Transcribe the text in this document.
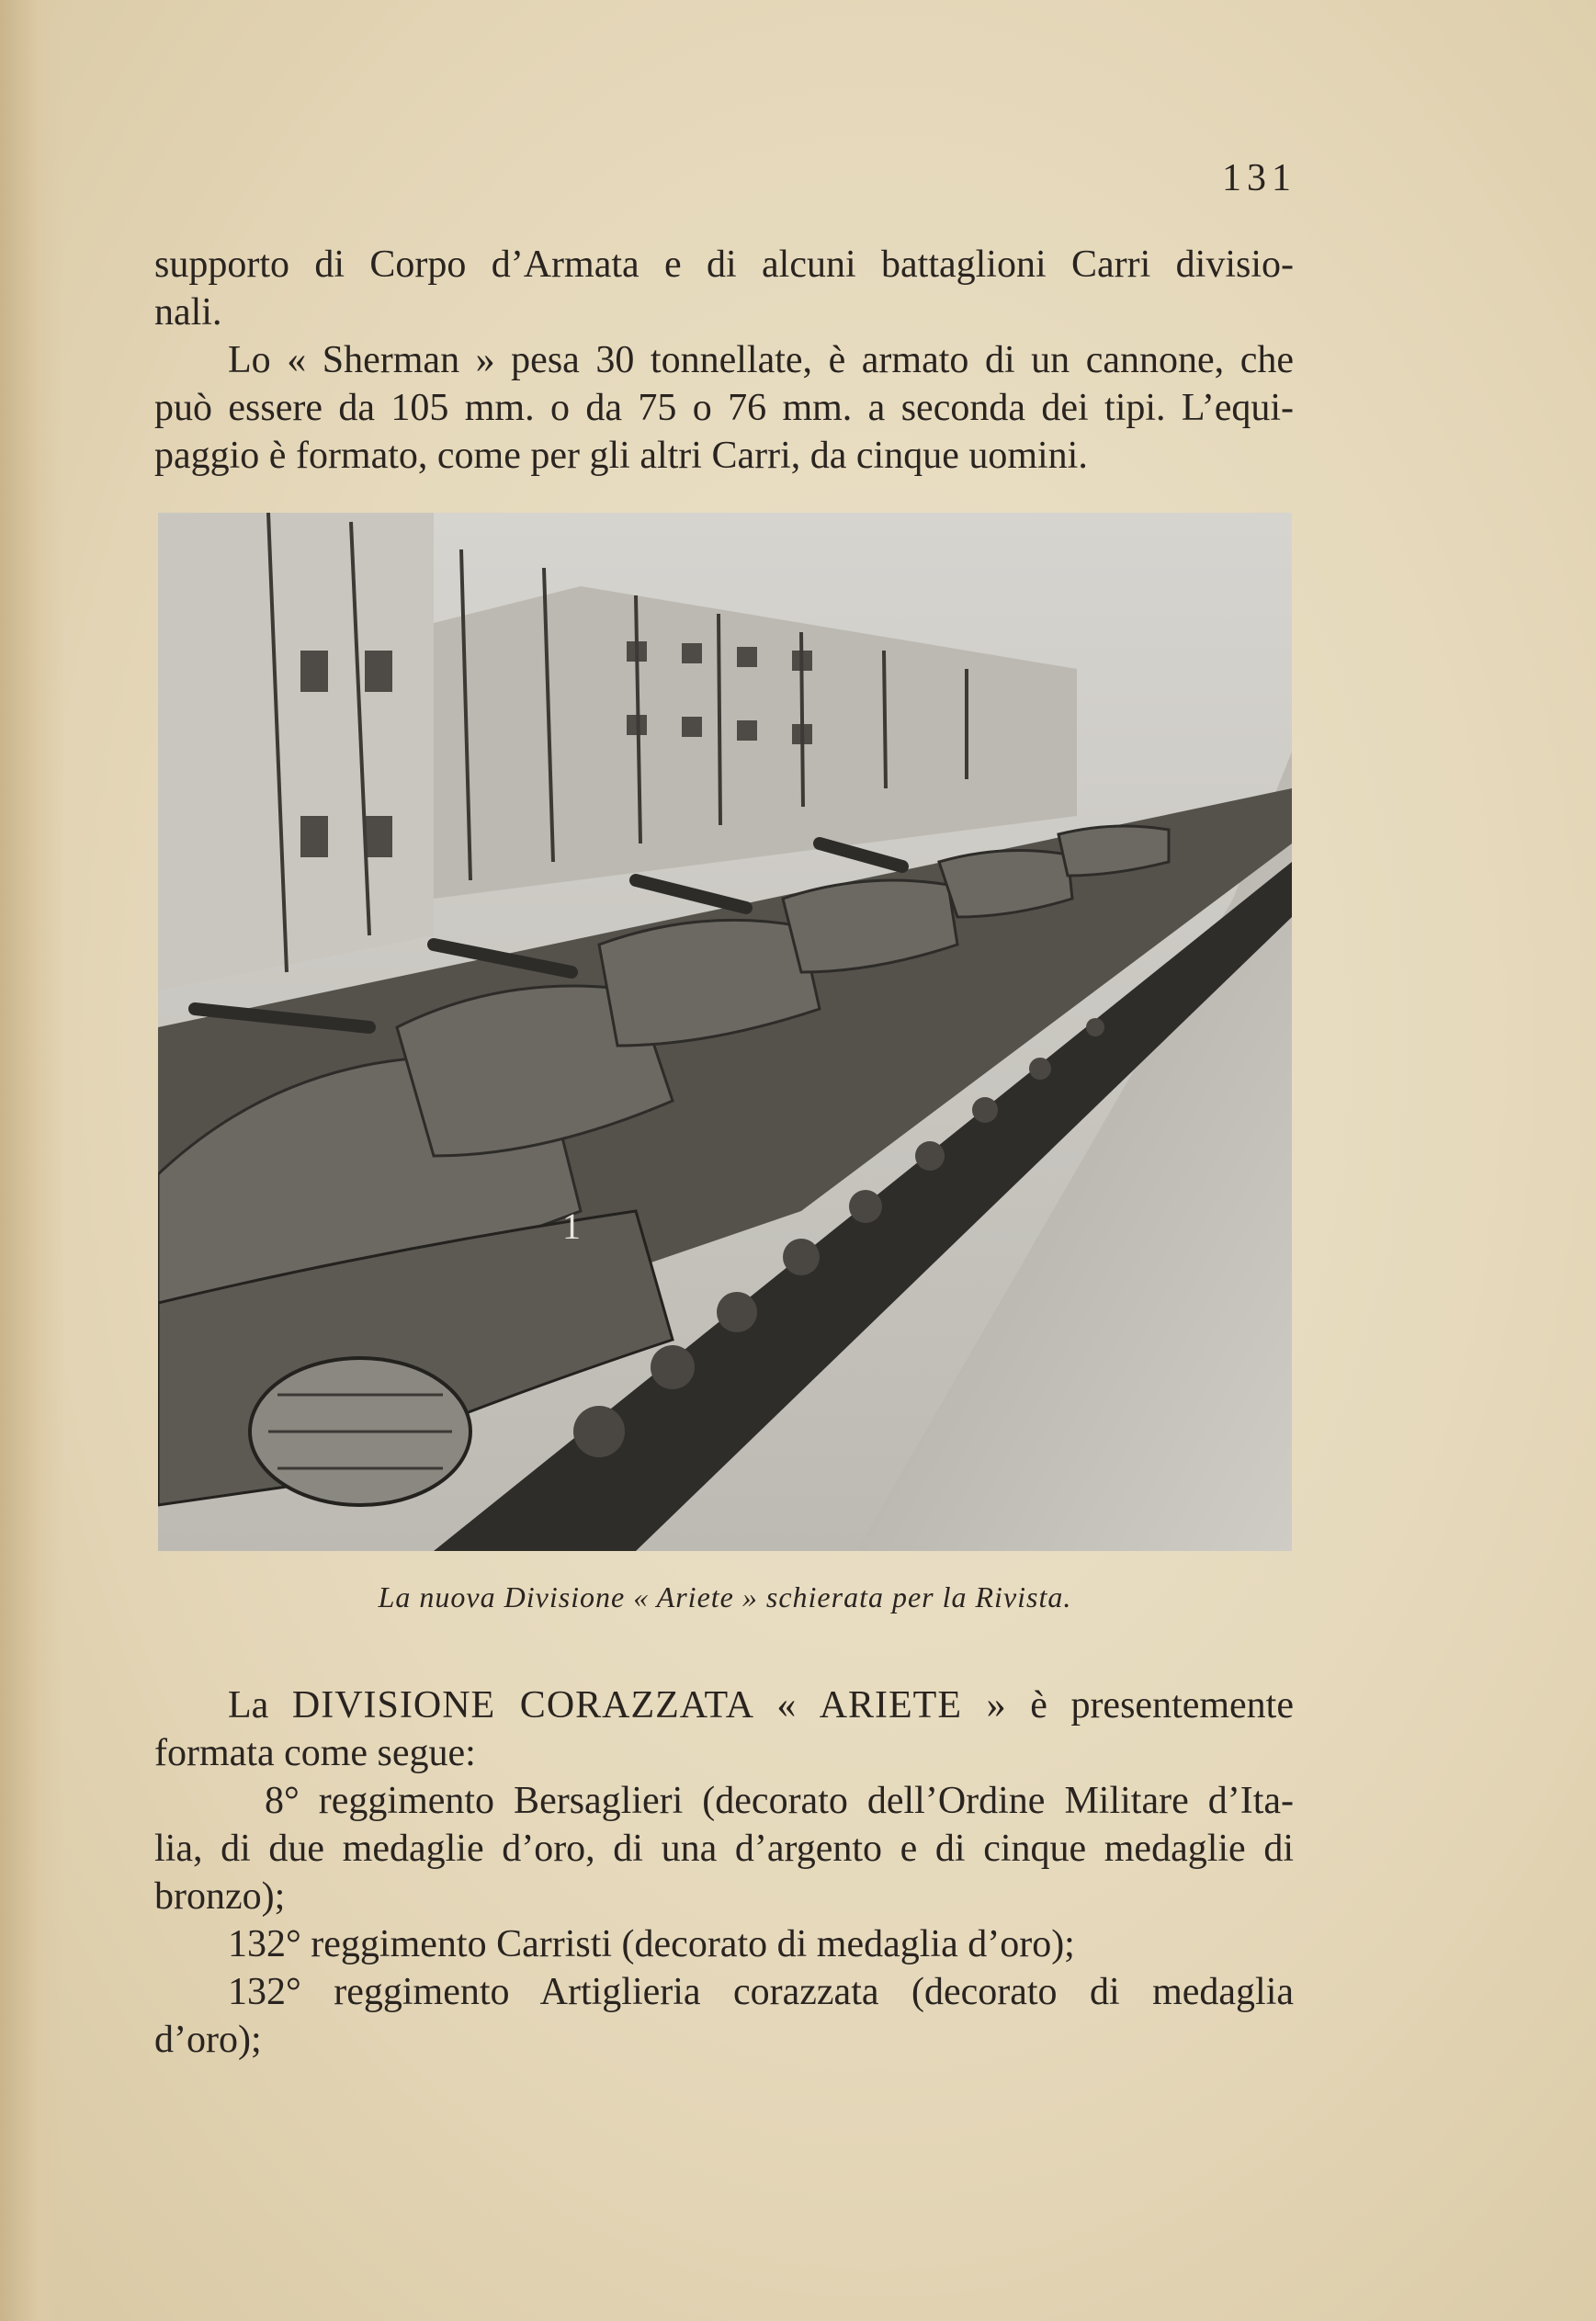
131
supporto di Corpo d’Armata e di alcuni battaglioni Carri divisio-
nali.
Lo « Sherman » pesa 30 tonnellate, è armato di un cannone, che
può essere da 105 mm. o da 75 o 76 mm. a seconda dei tipi. L’equi-
paggio è formato, come per gli altri Carri, da cinque uomini.
1
La nuova Divisione « Ariete » schierata per la Rivista.
La DIVISIONE CORAZZATA « ARIETE » è presentemente
formata come segue:
8° reggimento Bersaglieri (decorato dell’Ordine Militare d’Ita-
lia, di due medaglie d’oro, di una d’argento e di cinque medaglie di
bronzo);
132° reggimento Carristi (decorato di medaglia d’oro);
132° reggimento Artiglieria corazzata (decorato di medaglia
d’oro);
